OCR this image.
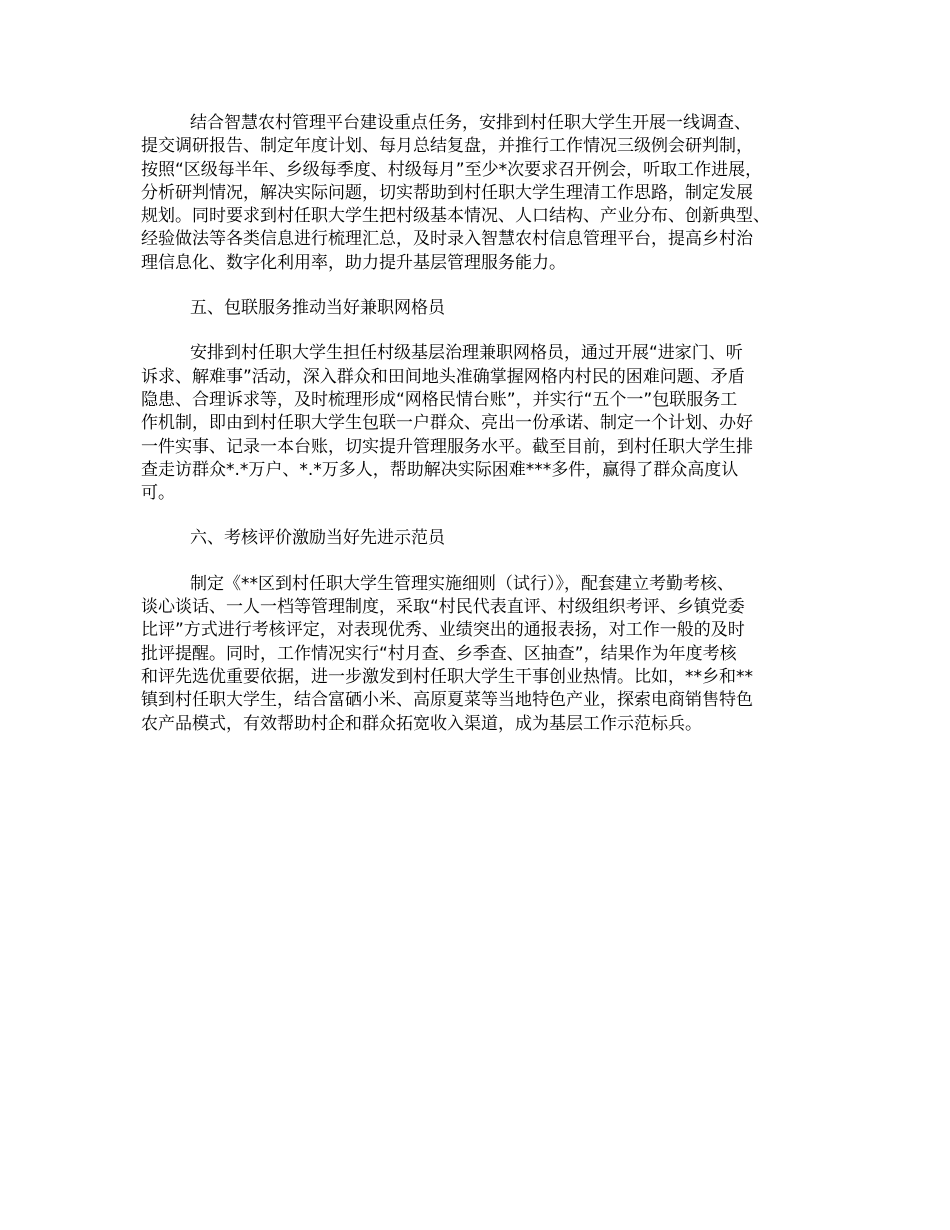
结合智慧农村管理平台建设重点任务，安排到村任职大学生开展一线调查、
提交调研报告、制定年度计划、每月总结复盘，并推行工作情况三级例会研判制，
按照“区级每半年、乡级每季度、村级每月”至少*次要求召开例会，听取工作进展，
分析研判情况，解决实际问题，切实帮助到村任职大学生理清工作思路，制定发展
规划。同时要求到村任职大学生把村级基本情况、人口结构、产业分布、创新典型、
经验做法等各类信息进行梳理汇总，及时录入智慧农村信息管理平台，提高乡村治
理信息化、数字化利用率，助力提升基层管理服务能力。

五、包联服务推动当好兼职网格员

安排到村任职大学生担任村级基层治理兼职网格员，通过开展“进家门、听
诉求、解难事”活动，深入群众和田间地头准确掌握网格内村民的困难问题、矛盾
隐患、合理诉求等，及时梳理形成“网格民情台账”，并实行“五个一”包联服务工
作机制，即由到村任职大学生包联一户群众、亮出一份承诺、制定一个计划、办好
一件实事、记录一本台账，切实提升管理服务水平。截至目前，到村任职大学生排
查走访群众*.*万户、*.*万多人，帮助解决实际困难***多件，赢得了群众高度认
可。

六、考核评价激励当好先进示范员

制定《**区到村任职大学生管理实施细则（试行）》，配套建立考勤考核、
谈心谈话、一人一档等管理制度，采取“村民代表直评、村级组织考评、乡镇党委
比评”方式进行考核评定，对表现优秀、业绩突出的通报表扬，对工作一般的及时
批评提醒。同时，工作情况实行“村月查、乡季查、区抽查”，结果作为年度考核
和评先选优重要依据，进一步激发到村任职大学生干事创业热情。比如，**乡和**
镇到村任职大学生，结合富硒小米、高原夏菜等当地特色产业，探索电商销售特色
农产品模式，有效帮助村企和群众拓宽收入渠道，成为基层工作示范标兵。
